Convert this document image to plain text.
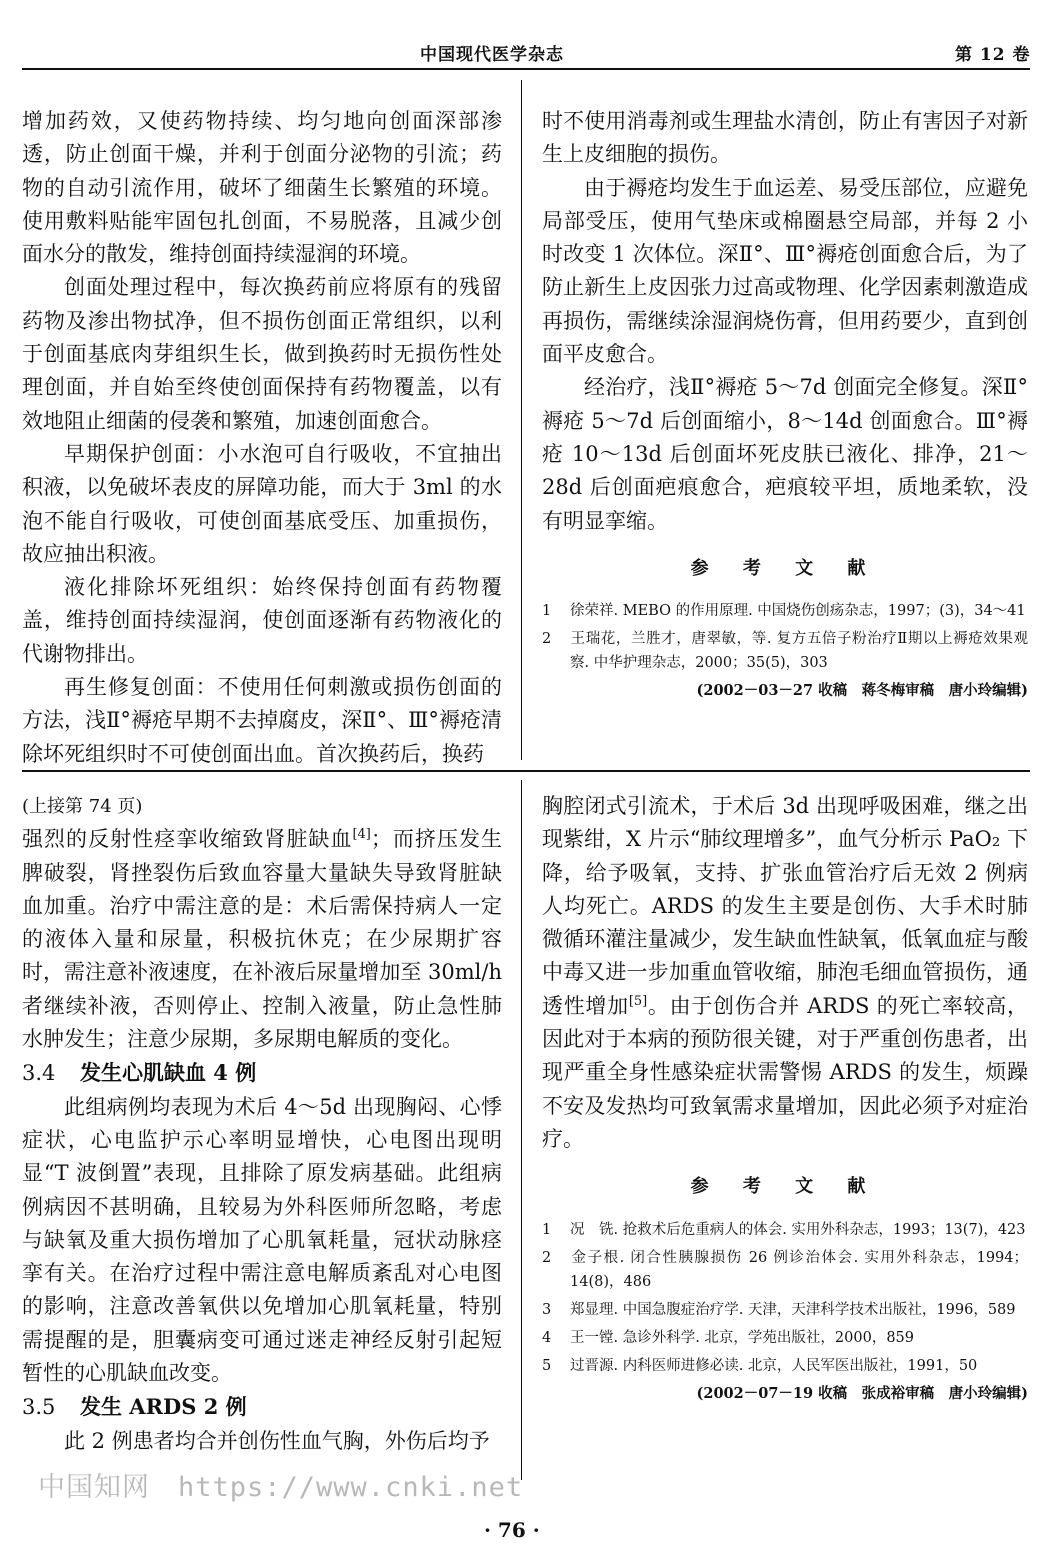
中国现代医学杂志	第 12 卷

增加药效，又使药物持续、均匀地向创面深部渗透，防止创面干燥，并利于创面分泌物的引流；药物的自动引流作用，破坏了细菌生长繁殖的环境。使用敷料贴能牢固包扎创面，不易脱落，且减少创面水分的散发，维持创面持续湿润的环境。

创面处理过程中，每次换药前应将原有的残留药物及渗出物拭净，但不损伤创面正常组织，以利于创面基底肉芽组织生长，做到换药时无损伤性处理创面，并自始至终使创面保持有药物覆盖，以有效地阻止细菌的侵袭和繁殖，加速创面愈合。

早期保护创面：小水泡可自行吸收，不宜抽出积液，以免破坏表皮的屏障功能，而大于 3ml 的水泡不能自行吸收，可使创面基底受压、加重损伤，故应抽出积液。

液化排除坏死组织：始终保持创面有药物覆盖，维持创面持续湿润，使创面逐渐有药物液化的代谢物排出。

再生修复创面：不使用任何刺激或损伤创面的方法，浅Ⅱ°褥疮早期不去掉腐皮，深Ⅱ°、Ⅲ°褥疮清除坏死组织时不可使创面出血。首次换药后，换药

时不使用消毒剂或生理盐水清创，防止有害因子对新生上皮细胞的损伤。

由于褥疮均发生于血运差、易受压部位，应避免局部受压，使用气垫床或棉圈悬空局部，并每 2 小时改变 1 次体位。深Ⅱ°、Ⅲ°褥疮创面愈合后，为了防止新生上皮因张力过高或物理、化学因素刺激造成再损伤，需继续涂湿润烧伤膏，但用药要少，直到创面平皮愈合。

经治疗，浅Ⅱ°褥疮 5～7d 创面完全修复。深Ⅱ°褥疮 5～7d 后创面缩小，8～14d 创面愈合。Ⅲ°褥疮 10～13d 后创面坏死皮肤已液化、排净，21～28d 后创面疤痕愈合，疤痕较平坦，质地柔软，没有明显挛缩。

参 考 文 献
1 徐荣祥. MEBO 的作用原理. 中国烧伤创疡杂志，1997；(3)，34～41
2 王瑞花，兰胜才，唐翠敏，等. 复方五倍子粉治疗Ⅱ期以上褥疮效果观察. 中华护理杂志，2000；35(5)，303
(2002－03－27 收稿　蒋冬梅审稿　唐小玲编辑)

(上接第 74 页)

强烈的反射性痉挛收缩致肾脏缺血[4]；而挤压发生脾破裂，肾挫裂伤后致血容量大量缺失导致肾脏缺血加重。治疗中需注意的是：术后需保持病人一定的液体入量和尿量，积极抗休克；在少尿期扩容时，需注意补液速度，在补液后尿量增加至 30ml/h 者继续补液，否则停止、控制入液量，防止急性肺水肿发生；注意少尿期，多尿期电解质的变化。

3.4 发生心肌缺血 4 例

此组病例均表现为术后 4～5d 出现胸闷、心悸症状，心电监护示心率明显增快，心电图出现明显“T 波倒置”表现，且排除了原发病基础。此组病例病因不甚明确，且较易为外科医师所忽略，考虑与缺氧及重大损伤增加了心肌氧耗量，冠状动脉痉挛有关。在治疗过程中需注意电解质紊乱对心电图的影响，注意改善氧供以免增加心肌氧耗量，特别需提醒的是，胆囊病变可通过迷走神经反射引起短暂性的心肌缺血改变。

3.5 发生 ARDS 2 例

此 2 例患者均合并创伤性血气胸，外伤后均予

胸腔闭式引流术，于术后 3d 出现呼吸困难，继之出现紫绀，X 片示“肺纹理增多”，血气分析示 PaO₂ 下降，给予吸氧，支持、扩张血管治疗后无效 2 例病人均死亡。ARDS 的发生主要是创伤、大手术时肺微循环灌注量减少，发生缺血性缺氧，低氧血症与酸中毒又进一步加重血管收缩，肺泡毛细血管损伤，通透性增加[5]。由于创伤合并 ARDS 的死亡率较高，因此对于本病的预防很关键，对于严重创伤患者，出现严重全身性感染症状需警惕 ARDS 的发生，烦躁不安及发热均可致氧需求量增加，因此必须予对症治疗。

参 考 文 献
1 况　铣. 抢救术后危重病人的体会. 实用外科杂志，1993；13(7)，423
2 金子根. 闭合性胰腺损伤 26 例诊治体会. 实用外科杂志，1994；14(8)，486
3 郑显理. 中国急腹症治疗学. 天津，天津科学技术出版社，1996，589
4 王一镗. 急诊外科学. 北京，学苑出版社，2000，859
5 过晋源. 内科医师进修必读. 北京，人民军医出版社，1991，50
(2002－07－19 收稿　张成裕审稿　唐小玲编辑)
中国知网　https://www.cnki.net
· 76 ·
